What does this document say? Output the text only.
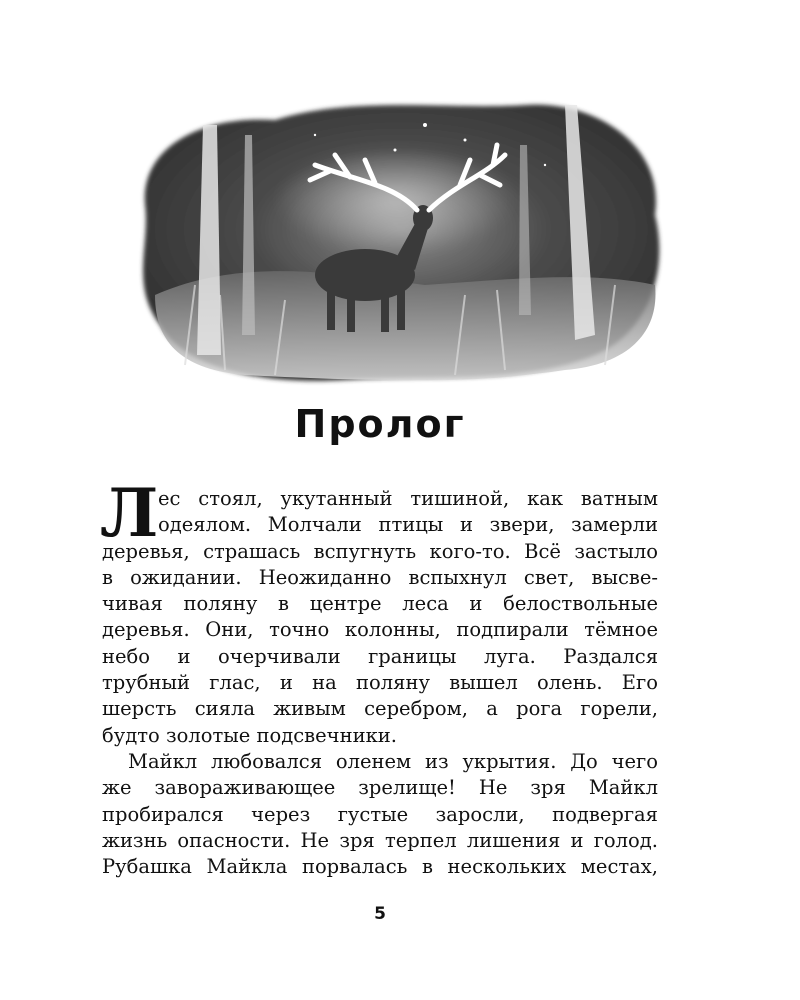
Пролог
Л ес стоял, укутанный тишиной, как ватным
одеялом. Молчали птицы и звери, замерли
деревья, страшась вспугнуть кого-то. Всё застыло
в ожидании. Неожиданно вспыхнул свет, высве-
чивая поляну в центре леса и белоствольные
деревья. Они, точно колонны, подпирали тёмное
небо и очерчивали границы луга. Раздался
трубный глас, и на поляну вышел олень. Его
шерсть сияла живым серебром, а рога горели,
будто золотые подсвечники.
Майкл любовался оленем из укрытия. До чего
же завораживающее зрелище! Не зря Майкл
пробирался через густые заросли, подвергая
жизнь опасности. Не зря терпел лишения и голод.
Рубашка Майкла порвалась в нескольких местах,
5
